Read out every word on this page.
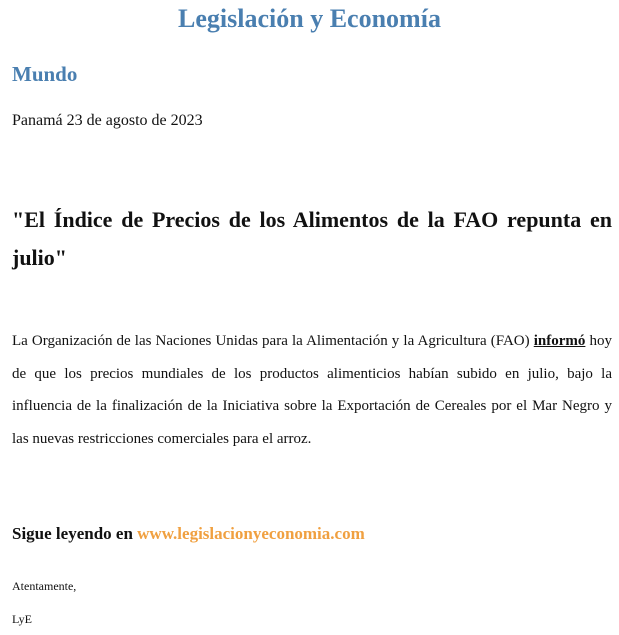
Legislación y Economía
Mundo
Panamá 23 de agosto de 2023
"El Índice de Precios de los Alimentos de la FAO repunta en julio"

La Organización de las Naciones Unidas para la Alimentación y la Agricultura (FAO) informó hoy de que los precios mundiales de los productos alimenticios habían subido en julio, bajo la influencia de la finalización de la Iniciativa sobre la Exportación de Cereales por el Mar Negro y las nuevas restricciones comerciales para el arroz.

Sigue leyendo en www.legislacionyeconomia.com
Atentamente,
LyE
